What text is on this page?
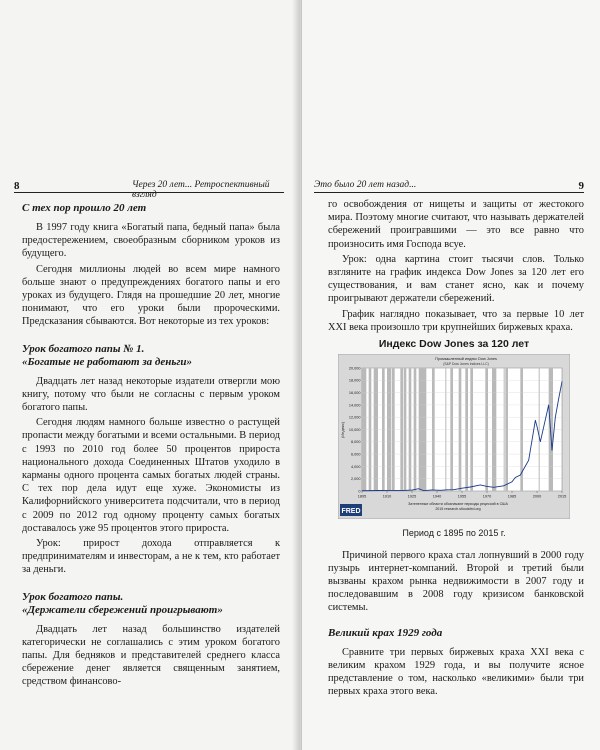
8	Через 20 лет... Ретроспективный взгляд
С тех пор прошло 20 лет

В 1997 году книга «Богатый папа, бедный папа» была предостережением, своеобразным сборником уроков из будущего.

Сегодня миллионы людей во всем мире намного больше знают о предупреждениях богатого папы и его уроках из будущего. Глядя на прошедшие 20 лет, многие понимают, что его уроки были пророческими. Предсказания сбываются. Вот некоторые из тех уроков:

Урок богатого папы № 1.
«Богатые не работают за деньги»

Двадцать лет назад некоторые издатели отвергли мою книгу, потому что были не согласны с первым уроком богатого папы.

Сегодня людям намного больше известно о растущей пропасти между богатыми и всеми остальными. В период с 1993 по 2010 год более 50 процентов прироста национального дохода Соединенных Штатов уходило в карманы одного процента самых богатых людей страны. С тех пор дела идут еще хуже. Экономисты из Калифорнийского университета подсчитали, что в период с 2009 по 2012 год одному проценту самых богатых доставалось уже 95 процентов этого прироста.

Урок: прирост дохода отправляется к предпринимателям и инвесторам, а не к тем, кто работает за деньги.

Урок богатого папы.
«Держатели сбережений проигрывают»

Двадцать лет назад большинство издателей категорически не соглашались с этим уроком богатого папы. Для бедняков и представителей среднего класса сбережение денег является священным занятием, средством финансово-

Это было 20 лет назад...	9

го освобождения от нищеты и защиты от жестокого мира. Поэтому многие считают, что называть держателей сбережений проигравшими — это все равно что произносить имя Господа всуе.

Урок: одна картина стоит тысячи слов. Только взгляните на график индекса Dow Jones за 120 лет его существования, и вам станет ясно, как и почему проигрывают держатели сбережений.

График наглядно показывает, что за первые 10 лет XXI века произошло три крупнейших биржевых краха.

Индекс Dow Jones за 120 лет
0
2,000
4,000
6,000
8,000
10,000
12,000
14,000
16,000
18,000
20,000
1895	1910	1925	1940	1955	1970	1985	2000	2015
Промышленный индекс Dow Jones
(S&P Dow Jones Indices LLC)
(Индекс)
FRED
Затененные области обозначают периоды рецессий в США
2015 research.stlouisfed.org
Период с 1895 по 2015 г.

Причиной первого краха стал лопнувший в 2000 году пузырь интернет-компаний. Второй и третий были вызваны крахом рынка недвижимости в 2007 году и последовавшим в 2008 году кризисом банковской системы.

Великий крах 1929 года

Сравните три первых биржевых краха XXI века с великим крахом 1929 года, и вы получите ясное представление о том, насколько «великими» были три первых краха этого века.
